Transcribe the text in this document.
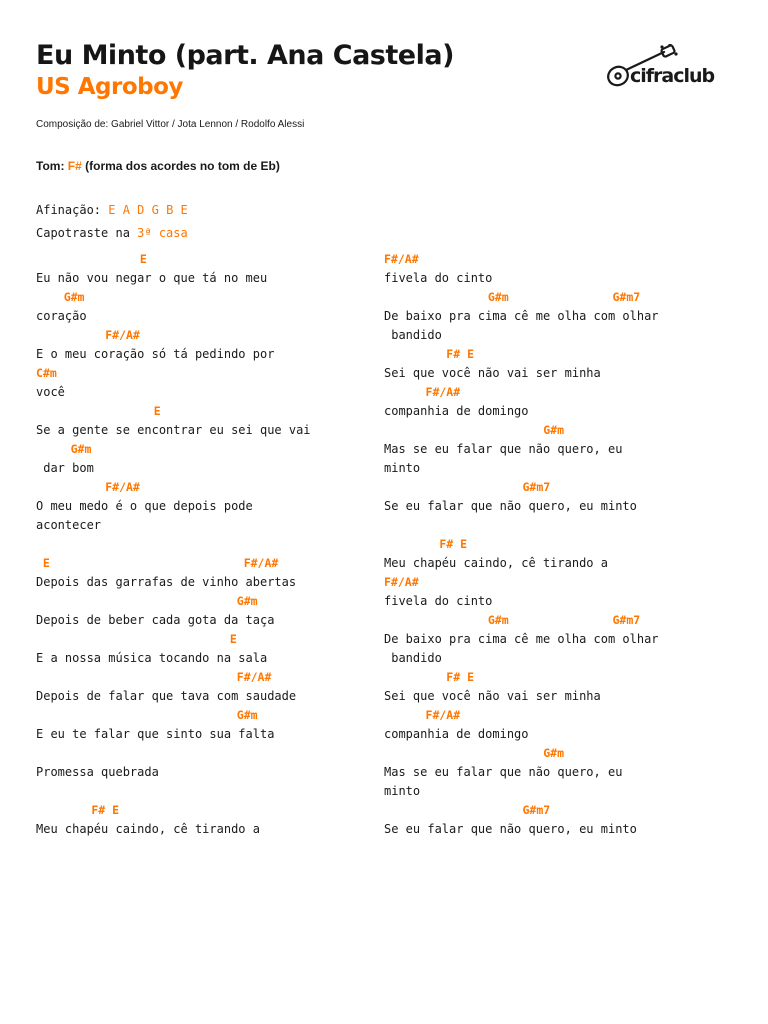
Eu Minto (part. Ana Castela)
US Agroboy	cifraclub
Composição de: Gabriel Vittor / Jota Lennon / Rodolfo Alessi
Tom: F# (forma dos acordes no tom de Eb)
Afinação: E A D G B E
Capotraste na 3ª casa
E
Eu não vou negar o que tá no meu
G#m
coração
F#/A#
E o meu coração só tá pedindo por
C#m
você
E
Se a gente se encontrar eu sei que vai
G#m
dar bom
F#/A#
O meu medo é o que depois pode
acontecer
E                            F#/A#
Depois das garrafas de vinho abertas
G#m
Depois de beber cada gota da taça
E
E a nossa música tocando na sala
F#/A#
Depois de falar que tava com saudade
G#m
E eu te falar que sinto sua falta
Promessa quebrada
F# E
Meu chapéu caindo, cê tirando a
F#/A#
fivela do cinto
G#m               G#m7
De baixo pra cima cê me olha com olhar
bandido
F# E
Sei que você não vai ser minha
F#/A#
companhia de domingo
G#m
Mas se eu falar que não quero, eu
minto
G#m7
Se eu falar que não quero, eu minto
F# E
Meu chapéu caindo, cê tirando a
F#/A#
fivela do cinto
G#m               G#m7
De baixo pra cima cê me olha com olhar
bandido
F# E
Sei que você não vai ser minha
F#/A#
companhia de domingo
G#m
Mas se eu falar que não quero, eu
minto
G#m7
Se eu falar que não quero, eu minto
